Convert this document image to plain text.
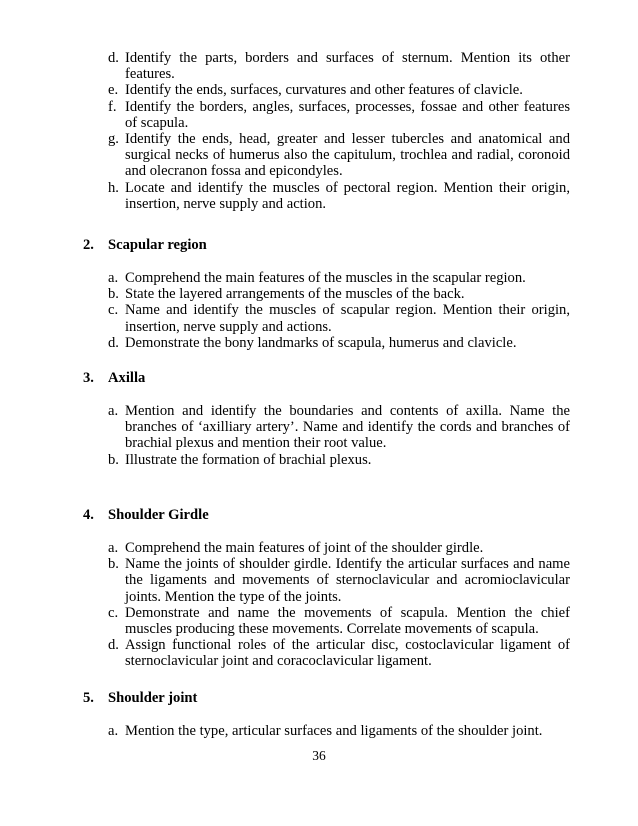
d. Identify the parts, borders and surfaces of sternum. Mention its other features.
e. Identify the ends, surfaces, curvatures and other features of clavicle.
f. Identify the borders, angles, surfaces, processes, fossae and other features of scapula.
g. Identify the ends, head, greater and lesser tubercles and anatomical and surgical necks of humerus also the capitulum, trochlea and radial, coronoid and olecranon fossa and epicondyles.
h. Locate and identify the muscles of pectoral region. Mention their origin, insertion, nerve supply and action.
2. Scapular region
a. Comprehend the main features of the muscles in the scapular region.
b. State the layered arrangements of the muscles of the back.
c. Name and identify the muscles of scapular region. Mention their origin, insertion, nerve supply and actions.
d. Demonstrate the bony landmarks of scapula, humerus and clavicle.
3. Axilla
a. Mention and identify the boundaries and contents of axilla. Name the branches of ‘axilliary artery’. Name and identify the cords and branches of brachial plexus and mention their root value.
b. Illustrate the formation of brachial plexus.
4. Shoulder Girdle
a. Comprehend the main features of joint of the shoulder girdle.
b. Name the joints of shoulder girdle. Identify the articular surfaces and name the ligaments and movements of sternoclavicular and acromioclavicular joints. Mention the type of the joints.
c. Demonstrate and name the movements of scapula. Mention the chief muscles producing these movements. Correlate movements of scapula.
d. Assign functional roles of the articular disc, costoclavicular ligament of sternoclavicular joint and coracoclavicular ligament.
5. Shoulder joint
a. Mention the type, articular surfaces and ligaments of the shoulder joint.
36
